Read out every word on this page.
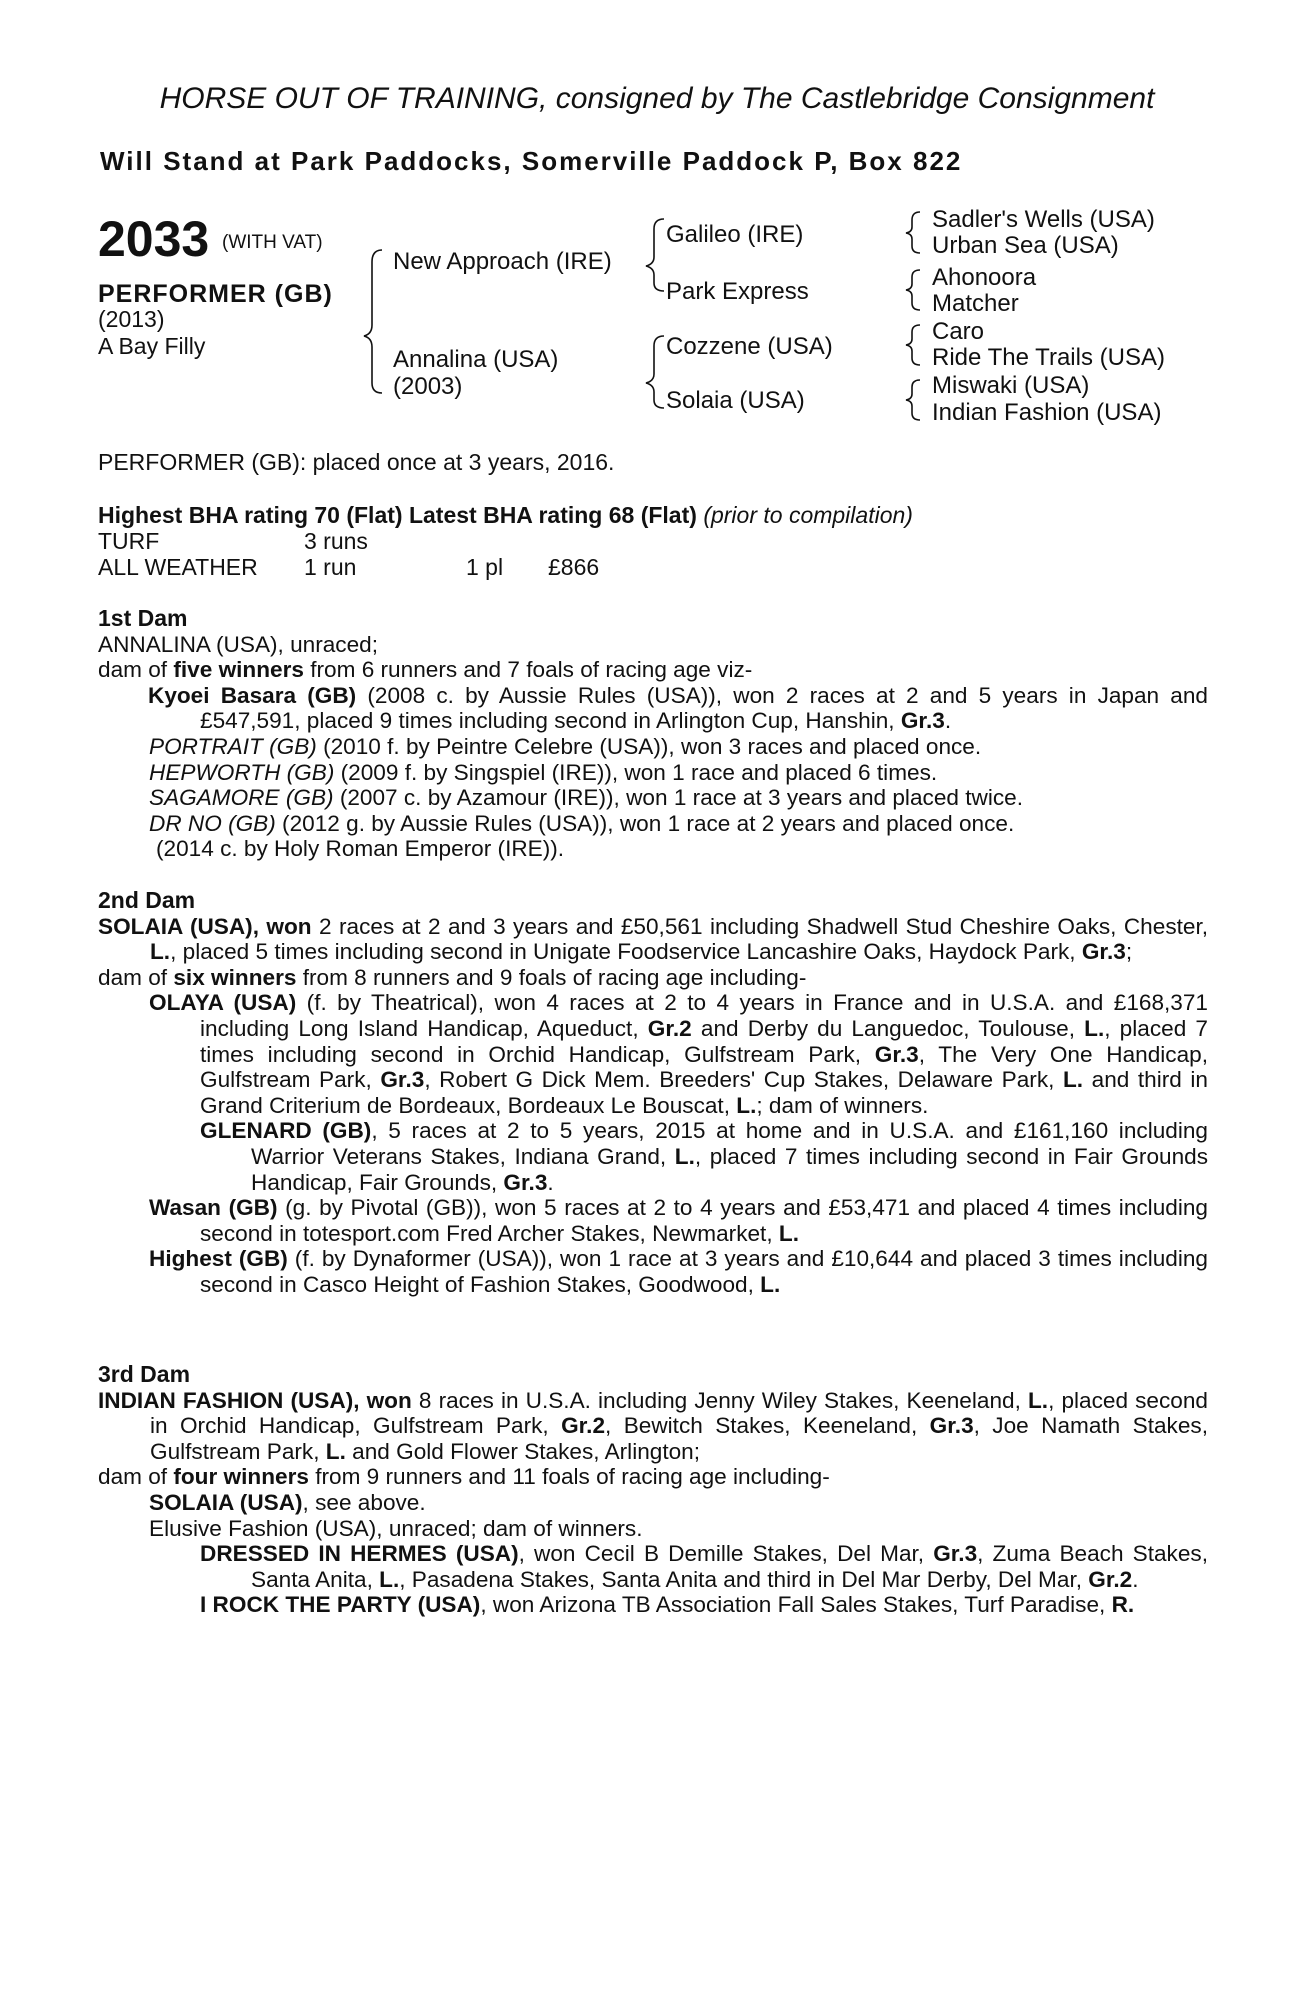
HORSE OUT OF TRAINING, consigned by The Castlebridge Consignment
Will Stand at Park Paddocks, Somerville Paddock P, Box 822
2033 (WITH VAT)
PERFORMER (GB)
(2013)
A Bay Filly
New Approach (IRE)
Annalina (USA)
(2003)
Galileo (IRE)
Park Express
Cozzene (USA)
Solaia (USA)
Sadler's Wells (USA)
Urban Sea (USA)
Ahonoora
Matcher
Caro
Ride The Trails (USA)
Miswaki (USA)
Indian Fashion (USA)
PERFORMER (GB): placed once at 3 years, 2016.
Highest BHA rating 70 (Flat) Latest BHA rating 68 (Flat) (prior to compilation)
TURF	3 runs
ALL WEATHER 1 run	1 pl £866

1st Dam

ANNALINA (USA), unraced;

dam of five winners from 6 runners and 7 foals of racing age viz-

Kyoei Basara (GB) (2008 c. by Aussie Rules (USA)), won 2 races at 2 and 5 years in Japan and £547,591, placed 9 times including second in Arlington Cup, Hanshin, Gr.3.

PORTRAIT (GB) (2010 f. by Peintre Celebre (USA)), won 3 races and placed once.

HEPWORTH (GB) (2009 f. by Singspiel (IRE)), won 1 race and placed 6 times.

SAGAMORE (GB) (2007 c. by Azamour (IRE)), won 1 race at 3 years and placed twice.

DR NO (GB) (2012 g. by Aussie Rules (USA)), won 1 race at 2 years and placed once.

(2014 c. by Holy Roman Emperor (IRE)).

2nd Dam

SOLAIA (USA), won 2 races at 2 and 3 years and £50,561 including Shadwell Stud Cheshire Oaks, Chester, L., placed 5 times including second in Unigate Foodservice Lancashire Oaks, Haydock Park, Gr.3;

dam of six winners from 8 runners and 9 foals of racing age including-

OLAYA (USA) (f. by Theatrical), won 4 races at 2 to 4 years in France and in U.S.A. and £168,371 including Long Island Handicap, Aqueduct, Gr.2 and Derby du Languedoc, Toulouse, L., placed 7 times including second in Orchid Handicap, Gulfstream Park, Gr.3, The Very One Handicap, Gulfstream Park, Gr.3, Robert G Dick Mem. Breeders' Cup Stakes, Delaware Park, L. and third in Grand Criterium de Bordeaux, Bordeaux Le Bouscat, L.; dam of winners.

GLENARD (GB), 5 races at 2 to 5 years, 2015 at home and in U.S.A. and £161,160 including Warrior Veterans Stakes, Indiana Grand, L., placed 7 times including second in Fair Grounds Handicap, Fair Grounds, Gr.3.

Wasan (GB) (g. by Pivotal (GB)), won 5 races at 2 to 4 years and £53,471 and placed 4 times including second in totesport.com Fred Archer Stakes, Newmarket, L.

Highest (GB) (f. by Dynaformer (USA)), won 1 race at 3 years and £10,644 and placed 3 times including second in Casco Height of Fashion Stakes, Goodwood, L.

3rd Dam

INDIAN FASHION (USA), won 8 races in U.S.A. including Jenny Wiley Stakes, Keeneland, L., placed second in Orchid Handicap, Gulfstream Park, Gr.2, Bewitch Stakes, Keeneland, Gr.3, Joe Namath Stakes, Gulfstream Park, L. and Gold Flower Stakes, Arlington;

dam of four winners from 9 runners and 11 foals of racing age including-

SOLAIA (USA), see above.

Elusive Fashion (USA), unraced; dam of winners.

DRESSED IN HERMES (USA), won Cecil B Demille Stakes, Del Mar, Gr.3, Zuma Beach Stakes, Santa Anita, L., Pasadena Stakes, Santa Anita and third in Del Mar Derby, Del Mar, Gr.2.

I ROCK THE PARTY (USA), won Arizona TB Association Fall Sales Stakes, Turf Paradise, R.
